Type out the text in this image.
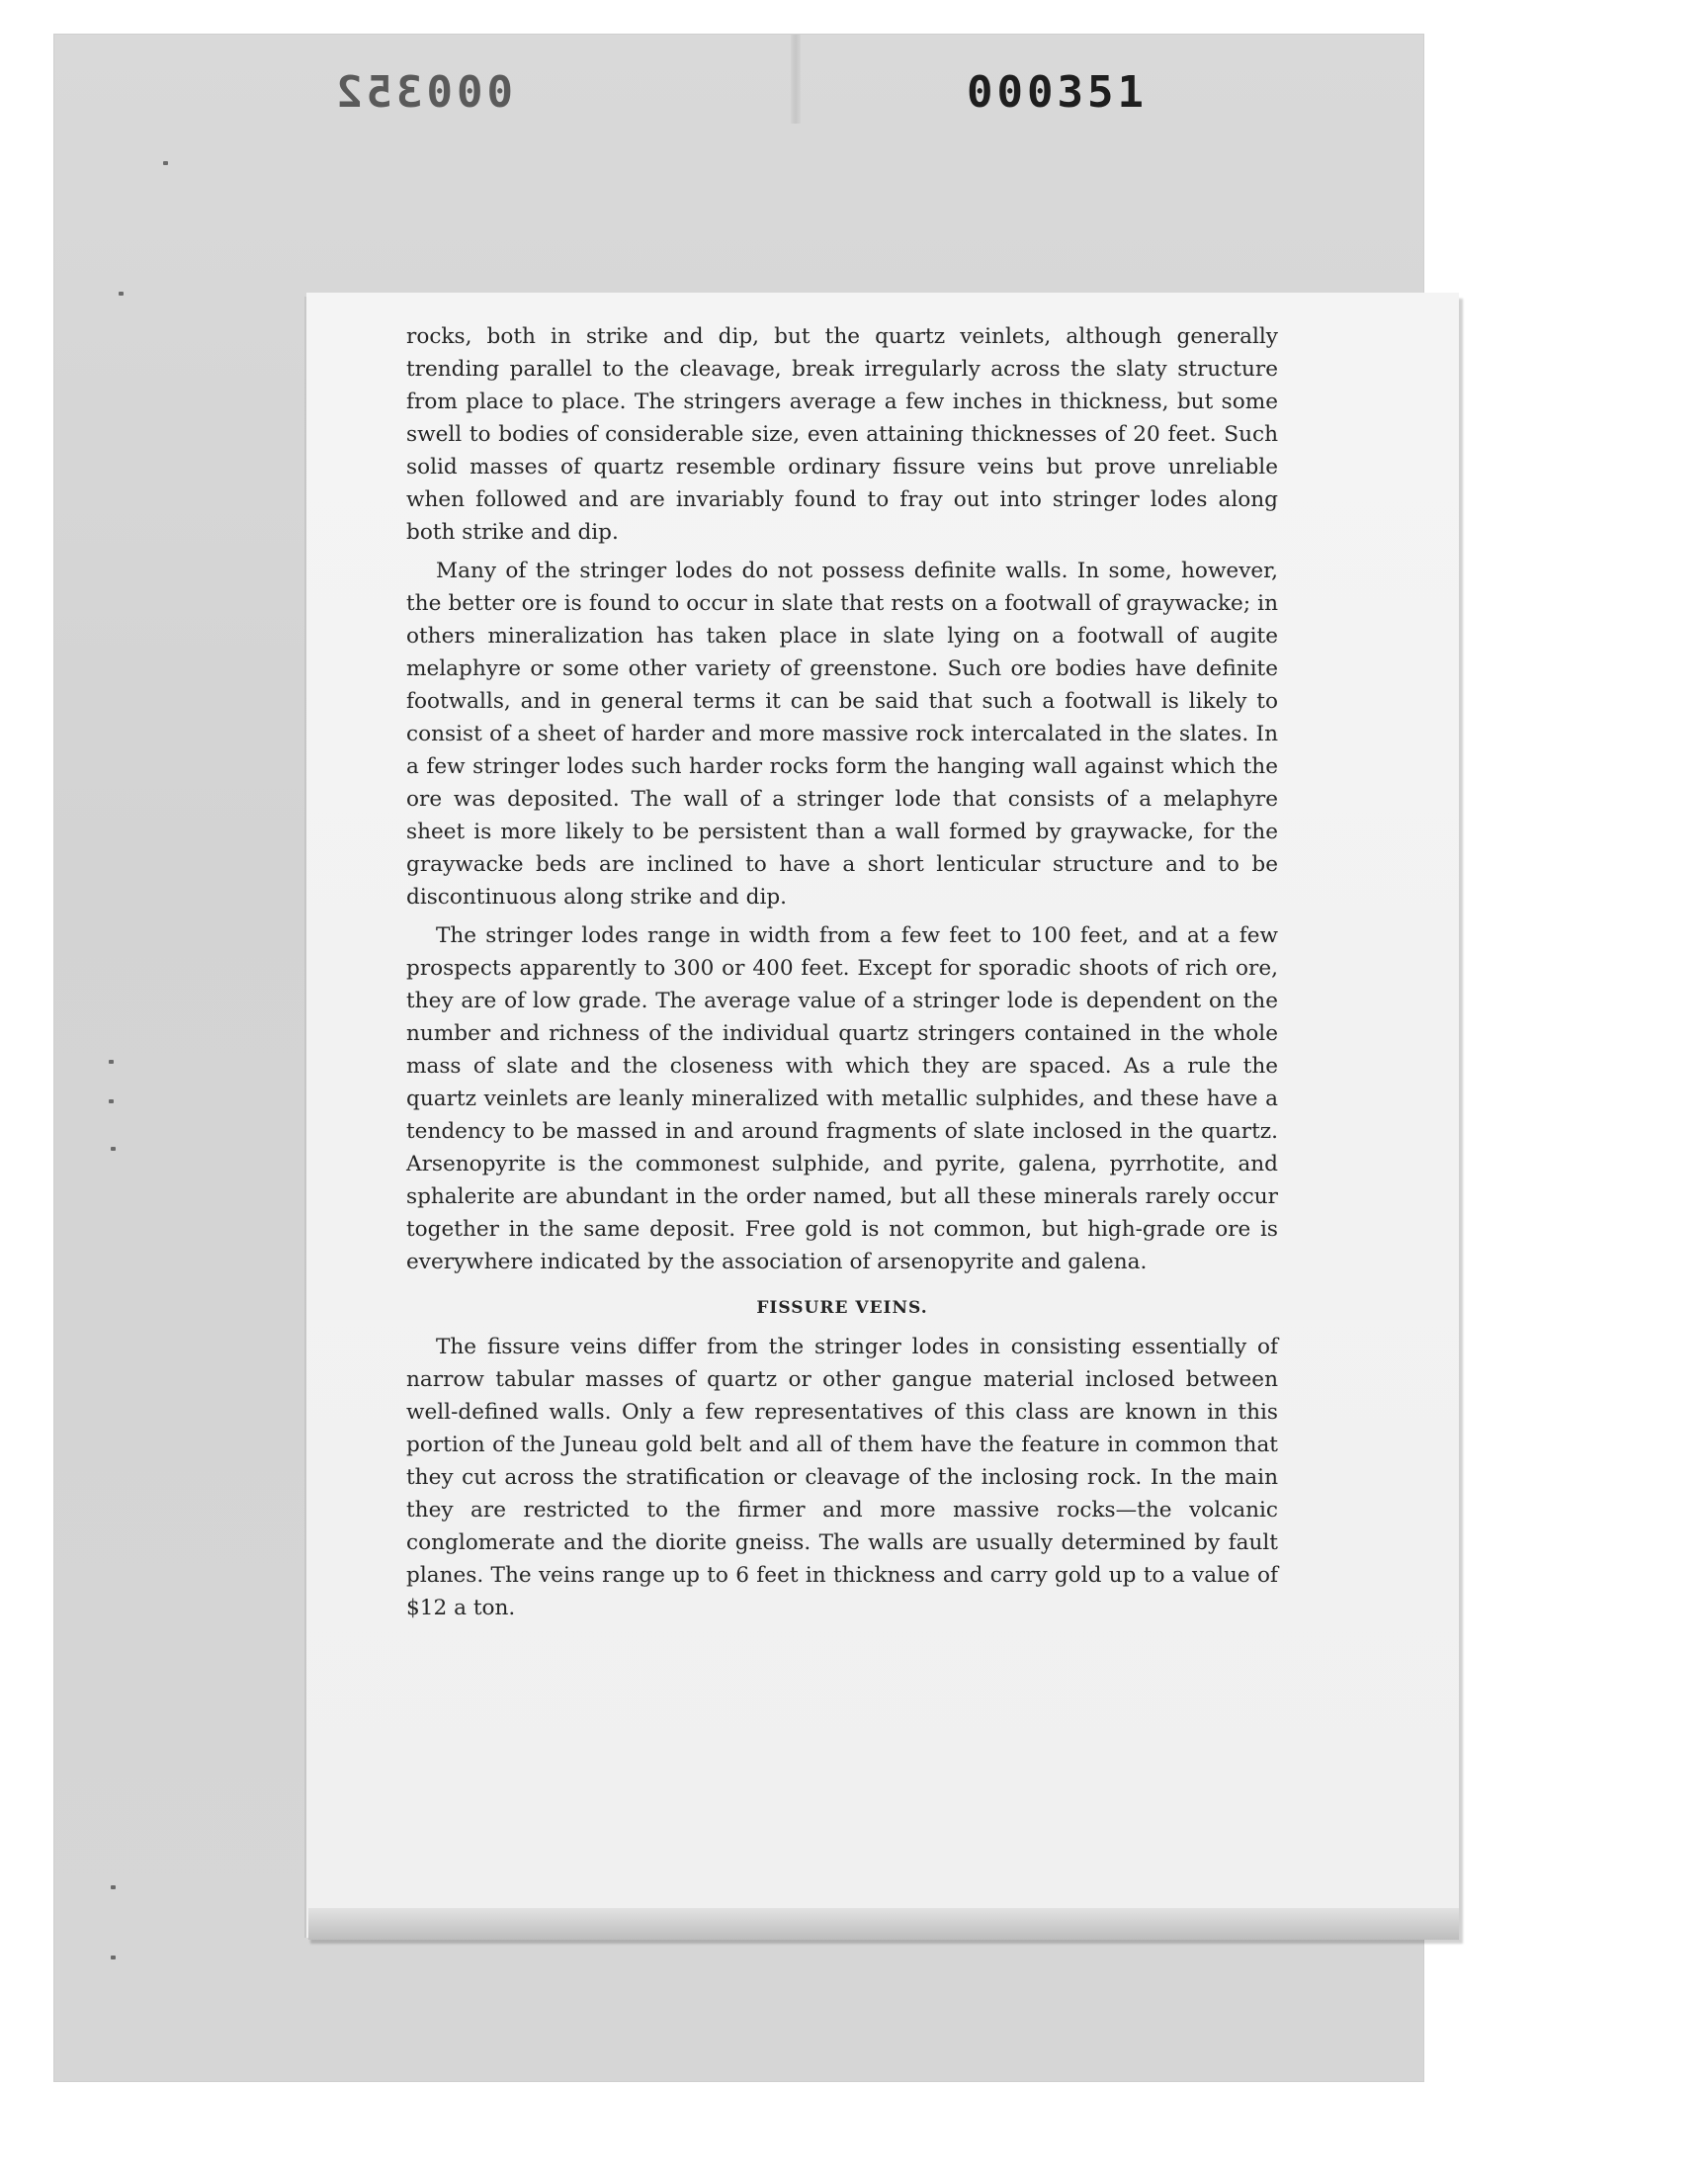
000352	000351

rocks, both in strike and dip, but the quartz veinlets, although generally trending parallel to the cleavage, break irregularly across the slaty structure from place to place. The stringers average a few inches in thickness, but some swell to bodies of considerable size, even attaining thicknesses of 20 feet. Such solid masses of quartz resemble ordinary fissure veins but prove unreliable when followed and are invariably found to fray out into stringer lodes along both strike and dip.

Many of the stringer lodes do not possess definite walls. In some, however, the better ore is found to occur in slate that rests on a footwall of graywacke; in others mineralization has taken place in slate lying on a footwall of augite melaphyre or some other variety of greenstone. Such ore bodies have definite footwalls, and in general terms it can be said that such a footwall is likely to consist of a sheet of harder and more massive rock intercalated in the slates. In a few stringer lodes such harder rocks form the hanging wall against which the ore was deposited. The wall of a stringer lode that consists of a melaphyre sheet is more likely to be persistent than a wall formed by graywacke, for the graywacke beds are inclined to have a short lenticular structure and to be discontinuous along strike and dip.

The stringer lodes range in width from a few feet to 100 feet, and at a few prospects apparently to 300 or 400 feet. Except for sporadic shoots of rich ore, they are of low grade. The average value of a stringer lode is dependent on the number and richness of the individual quartz stringers contained in the whole mass of slate and the closeness with which they are spaced. As a rule the quartz veinlets are leanly mineralized with metallic sulphides, and these have a tendency to be massed in and around fragments of slate inclosed in the quartz. Arsenopyrite is the commonest sulphide, and pyrite, galena, pyrrhotite, and sphalerite are abundant in the order named, but all these minerals rarely occur together in the same deposit. Free gold is not common, but high-grade ore is everywhere indicated by the association of arsenopyrite and galena.

FISSURE VEINS.

The fissure veins differ from the stringer lodes in consisting essentially of narrow tabular masses of quartz or other gangue material inclosed between well-defined walls. Only a few representatives of this class are known in this portion of the Juneau gold belt and all of them have the feature in common that they cut across the stratification or cleavage of the inclosing rock. In the main they are restricted to the firmer and more massive rocks—the volcanic conglomerate and the diorite gneiss. The walls are usually determined by fault planes. The veins range up to 6 feet in thickness and carry gold up to a value of $12 a ton.
